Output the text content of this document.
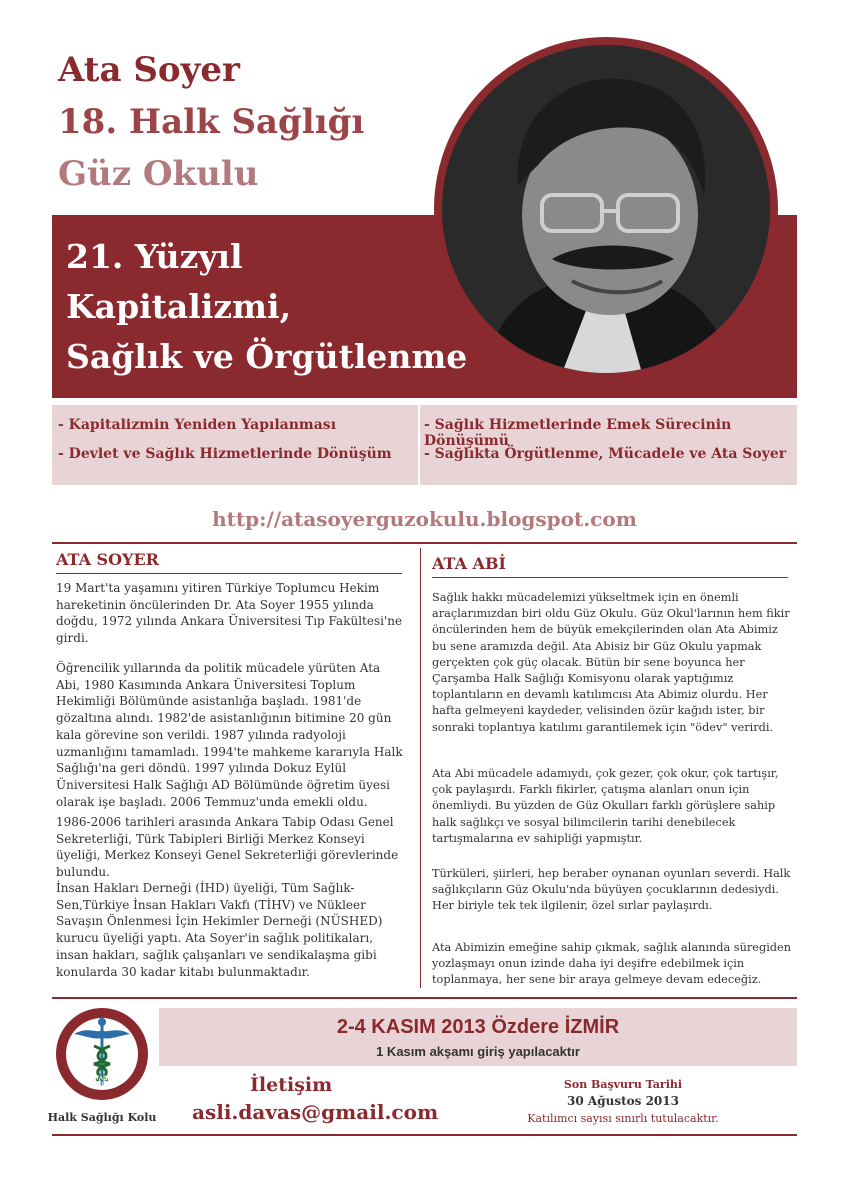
Ata Soyer
18. Halk Sağlığı
Güz Okulu
21. Yüzyıl
Kapitalizmi,
Sağlık ve Örgütlenme
- Kapitalizmin Yeniden Yapılanması
- Devlet ve Sağlık Hizmetlerinde Dönüşüm
- Sağlık Hizmetlerinde Emek Sürecinin Dönüşümü
- Sağlıkta Örgütlenme, Mücadele ve Ata Soyer
http://atasoyerguzokulu.blogspot.com
ATA SOYER

19 Mart'ta yaşamını yitiren Türkiye Toplumcu Hekim hareketinin öncülerinden Dr. Ata Soyer 1955 yılında doğdu, 1972 yılında Ankara Üniversitesi Tıp Fakültesi'ne girdi.

Öğrencilik yıllarında da politik mücadele yürüten Ata Abi, 1980 Kasımında Ankara Üniversitesi Toplum Hekimliği Bölümünde asistanlığa başladı. 1981'de gözaltına alındı. 1982'de asistanlığının bitimine 20 gün kala görevine son verildi. 1987 yılında radyoloji uzmanlığını tamamladı. 1994'te mahkeme kararıyla Halk Sağlığı'na geri döndü. 1997 yılında Dokuz Eylül Üniversitesi Halk Sağlığı AD Bölümünde öğretim üyesi olarak işe başladı. 2006 Temmuz'unda emekli oldu.

1986-2006 tarihleri arasında Ankara Tabip Odası Genel Sekreterliği, Türk Tabipleri Birliği Merkez Konseyi üyeliği, Merkez Konseyi Genel Sekreterliği görevlerinde bulundu.

İnsan Hakları Derneği (İHD) üyeliği, Tüm Sağlık-Sen,Türkiye İnsan Hakları Vakfı (TİHV) ve Nükleer Savaşın Önlenmesi İçin Hekimler Derneği (NÜSHED) kurucu üyeliği yaptı. Ata Soyer'in sağlık politikaları, insan hakları, sağlık çalışanları ve sendikalaşma gibi konularda 30 kadar kitabı bulunmaktadır.

ATA ABİ

Sağlık hakkı mücadelemizi yükseltmek için en önemli araçlarımızdan biri oldu Güz Okulu. Güz Okul'larının hem fikir öncülerinden hem de büyük emekçilerinden olan Ata Abimiz bu sene aramızda değil. Ata Abisiz bir Güz Okulu yapmak gerçekten çok güç olacak. Bütün bir sene boyunca her Çarşamba Halk Sağlığı Komisyonu olarak yaptığımız toplantıların en devamlı katılımcısı Ata Abimiz olurdu. Her hafta gelmeyeni kaydeder, velisinden özür kağıdı ister, bir sonraki toplantıya katılımı garantilemek için "ödev" verirdi.

Ata Abi mücadele adamıydı, çok gezer, çok okur, çok tartışır, çok paylaşırdı. Farklı fikirler, çatışma alanları onun için önemliydi. Bu yüzden de Güz Okulları farklı görüşlere sahip halk sağlıkçı ve sosyal bilimcilerin tarihi denebilecek tartışmalarına ev sahipliği yapmıştır.

Türküleri, şiirleri, hep beraber oynanan oyunları severdi. Halk sağlıkçıların Güz Okulu'nda büyüyen çocuklarının dedesiydi. Her biriyle tek tek ilgilenir, özel sırlar paylaşırdı.

Ata Abimizin emeğine sahip çıkmak, sağlık alanında süregiden yozlaşmayı onun izinde daha iyi deşifre edebilmek için toplanmaya, her sene bir araya gelmeye devam edeceğiz.

TÜRK TABİPLERİ BİRLİĞİ
Halk Sağlığı Kolu
2-4 KASIM 2013 Özdere İZMİR
1 Kasım akşamı giriş yapılacaktır
İletişim
asli.davas@gmail.com
Son Başvuru Tarihi
30 Ağustos 2013
Katılımcı sayısı sınırlı tutulacaktır.
